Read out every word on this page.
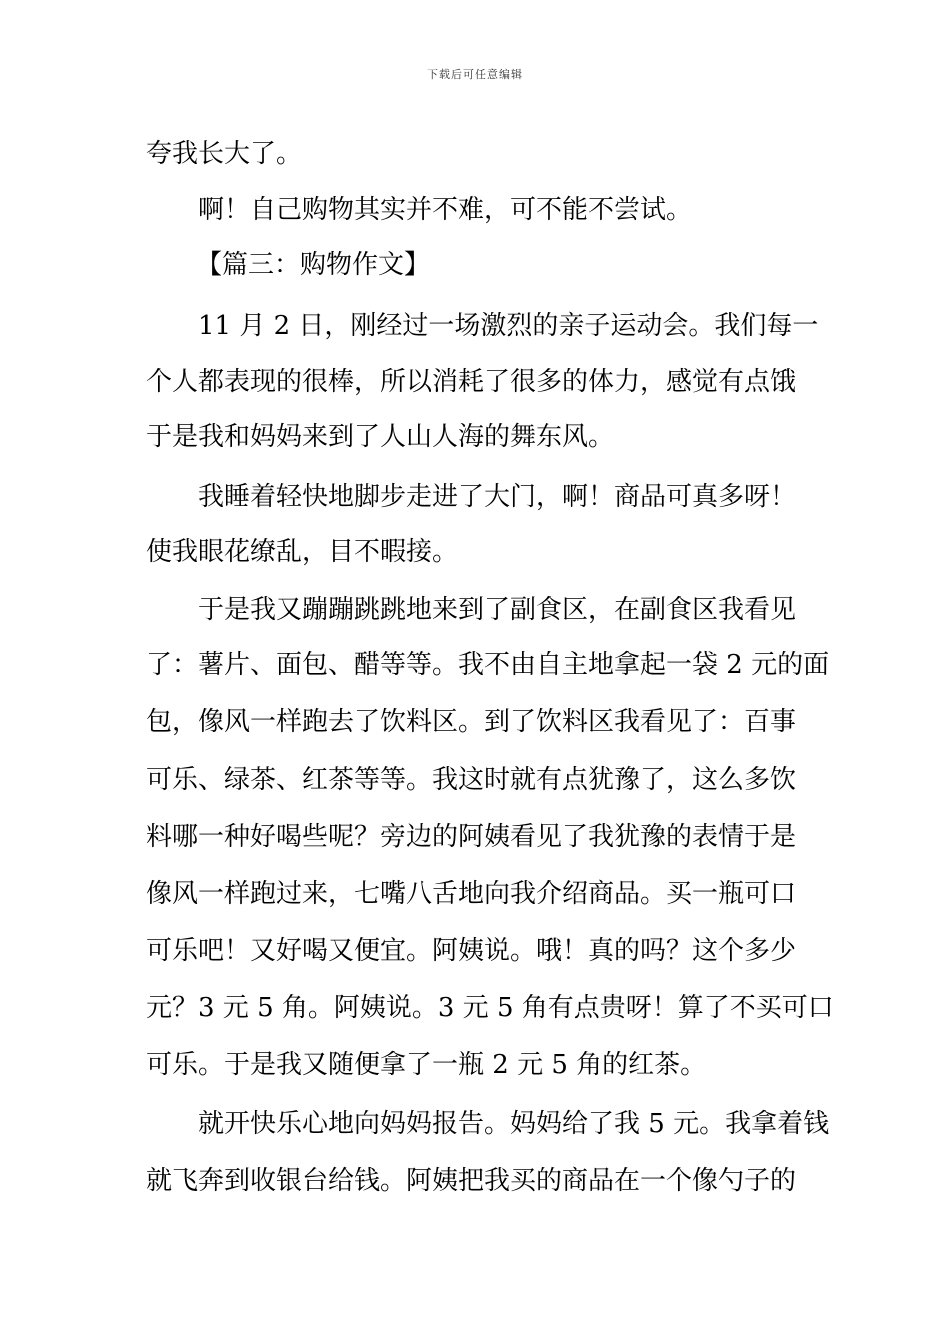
下载后可任意编辑
夸我长大了。
啊！自己购物其实并不难，可不能不尝试。
【篇三：购物作文】
11 月 2 日，刚经过一场激烈的亲子运动会。我们每一
个人都表现的很棒，所以消耗了很多的体力，感觉有点饿
于是我和妈妈来到了人山人海的舞东风。
我睡着轻快地脚步走进了大门，啊！商品可真多呀！
使我眼花缭乱，目不暇接。
于是我又蹦蹦跳跳地来到了副食区，在副食区我看见
了：薯片、面包、醋等等。我不由自主地拿起一袋 2 元的面
包，像风一样跑去了饮料区。到了饮料区我看见了：百事
可乐、绿茶、红茶等等。我这时就有点犹豫了，这么多饮
料哪一种好喝些呢？旁边的阿姨看见了我犹豫的表情于是
像风一样跑过来，七嘴八舌地向我介绍商品。买一瓶可口
可乐吧！又好喝又便宜。阿姨说。哦！真的吗？这个多少
元？3 元 5 角。阿姨说。3 元 5 角有点贵呀！算了不买可口
可乐。于是我又随便拿了一瓶 2 元 5 角的红茶。
就开快乐心地向妈妈报告。妈妈给了我 5 元。我拿着钱
就飞奔到收银台给钱。阿姨把我买的商品在一个像勺子的
